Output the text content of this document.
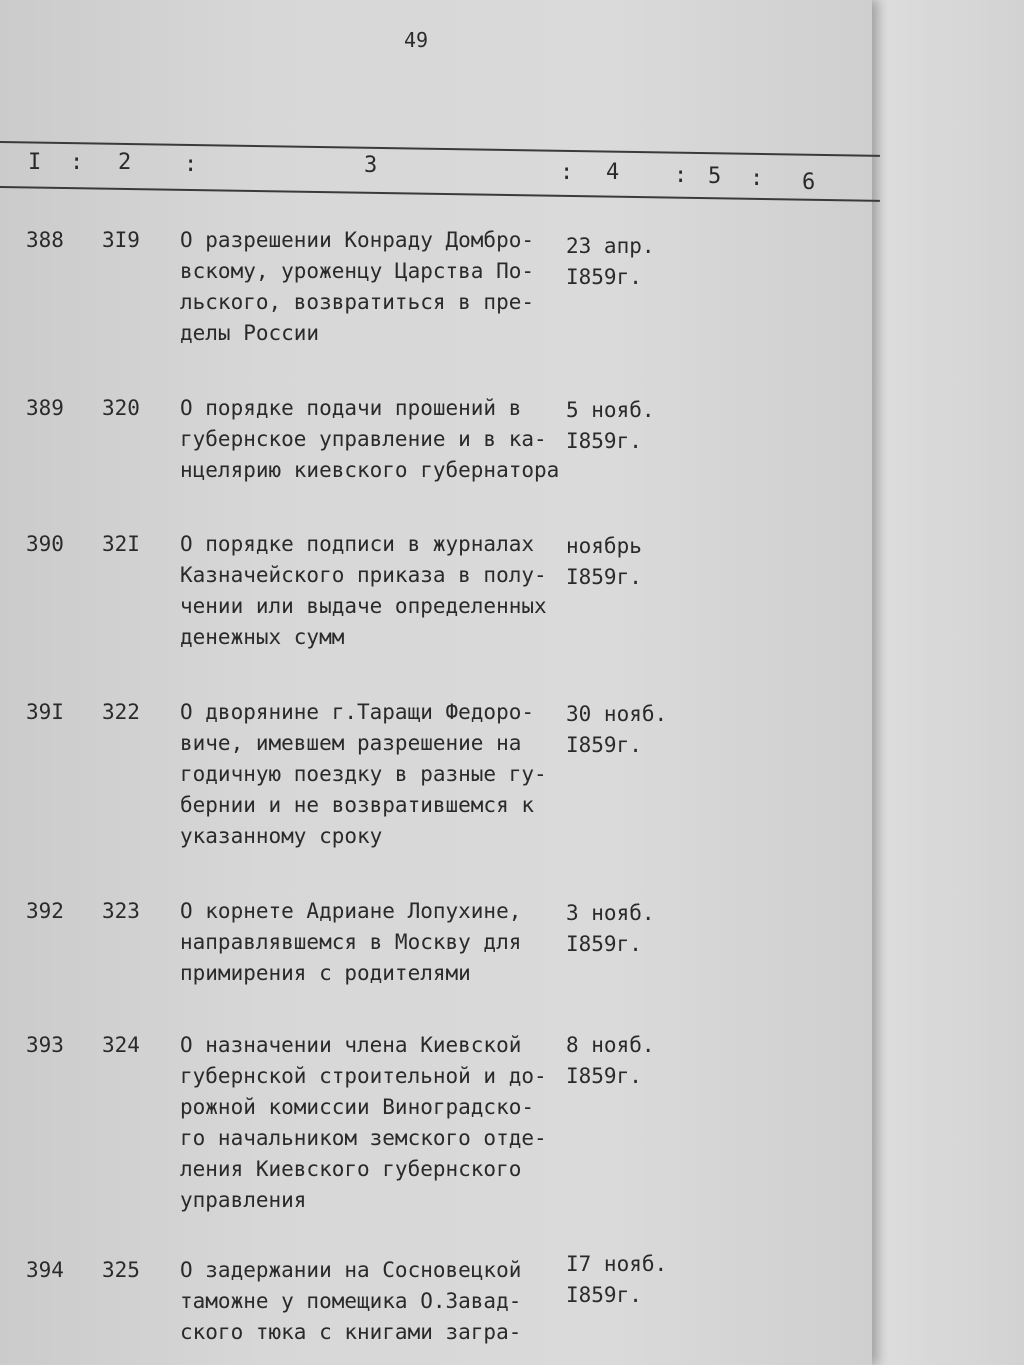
49
I : 2 :	3	: 4 : 5 : 6
388 3I9 О разрешении Конраду Домбро-
вскому, уроженцу Царства По-
льского, возвратиться в пре-
делы России
23 апр.
I859г.
389 320 О порядке подачи прошений в
губернское управление и в ка-
нцелярию киевского губернатора
5 нояб.
I859г.
390 32I О порядке подписи в журналах
Казначейского приказа в полу-
чении или выдаче определенных
денежных сумм
ноябрь
I859г.
39I 322 О дворянине г.Таращи Федоро-
виче, имевшем разрешение на
годичную поездку в разные гу-
бернии и не возвратившемся к
указанному сроку
30 нояб.
I859г.
392 323 О корнете Адриане Лопухине,
направлявшемся в Москву для
примирения с родителями
3 нояб.
I859г.
393 324 О назначении члена Киевской
губернской строительной и до-
рожной комиссии Виноградско-
го начальником земского отде-
ления Киевского губернского
управления
8 нояб.
I859г.
394 325 О задержании на Сосновецкой
таможне у помещика О.Завад-
ского тюка с книгами загра-
I7 нояб.
I859г.
